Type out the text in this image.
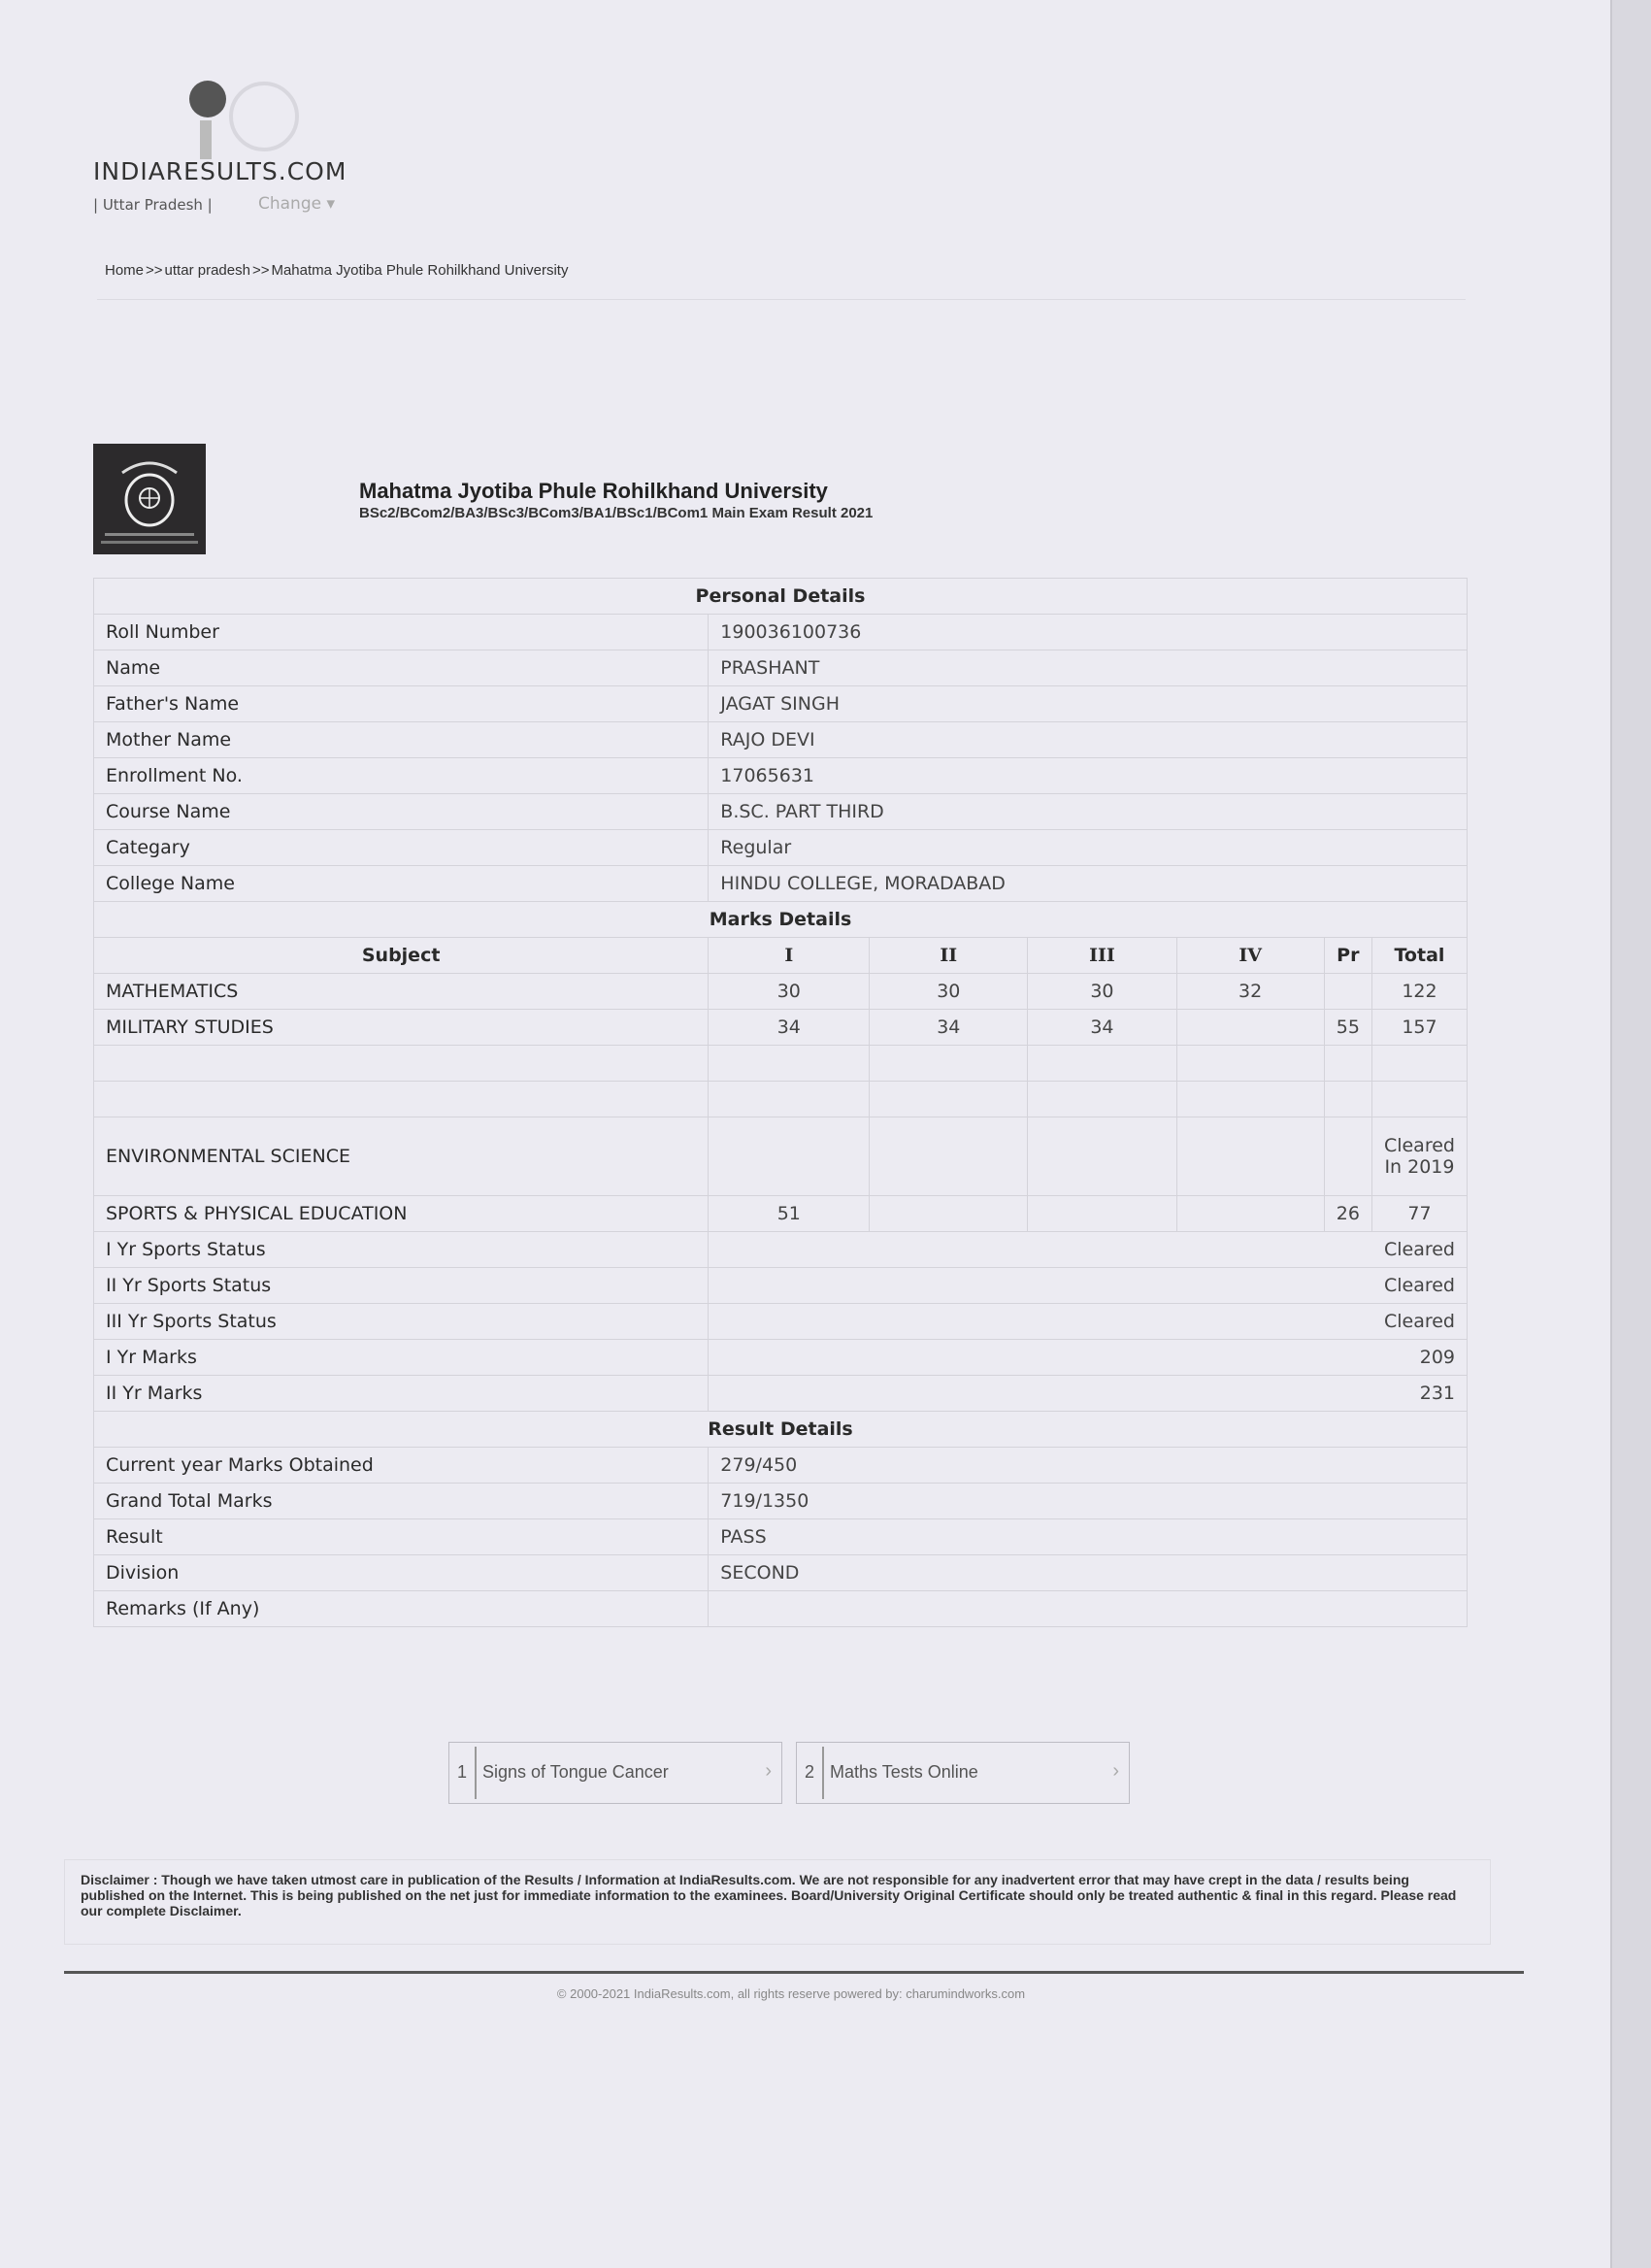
INDIARESULTS.COM
| Uttar Pradesh |	Change ▾
Home >> uttar pradesh >> Mahatma Jyotiba Phule Rohilkhand University
Mahatma Jyotiba Phule Rohilkhand University
BSc2/BCom2/BA3/BSc3/BCom3/BA1/BSc1/BCom1 Main Exam Result 2021
Personal Details						
Roll Number	190036100736					
Name	PRASHANT					
Father's Name	JAGAT SINGH					
Mother Name	RAJO DEVI					
Enrollment No.	17065631					
Course Name	B.SC. PART THIRD					
Categary	Regular					
College Name	HINDU COLLEGE, MORADABAD					
Marks Details						
Subject	I	II	III	IV	Pr	Total
MATHEMATICS	30	30	30	32		122
MILITARY STUDIES	34	34	34		55	157

ENVIRONMENTAL SCIENCE						Cleared In 2019
SPORTS & PHYSICAL EDUCATION	51				26	77
I Yr Sports Status	Cleared					
II Yr Sports Status	Cleared					
III Yr Sports Status	Cleared					
I Yr Marks	209					
II Yr Marks	231					
Result Details						
Current year Marks Obtained	279/450					
Grand Total Marks	719/1350					
Result	PASS					
Division	SECOND					
Remarks (If Any)						
1 Signs of Tongue Cancer	› 2 Maths Tests Online	›
Disclaimer : Though we have taken utmost care in publication of the Results / Information at IndiaResults.com. We are not responsible for any inadvertent error that may have crept in the data / results being published on the Internet. This is being published on the net just for immediate information to the examinees. Board/University Original Certificate should only be treated authentic & final in this regard. Please read our complete Disclaimer.
© 2000-2021 IndiaResults.com, all rights reserve powered by: charumindworks.com
